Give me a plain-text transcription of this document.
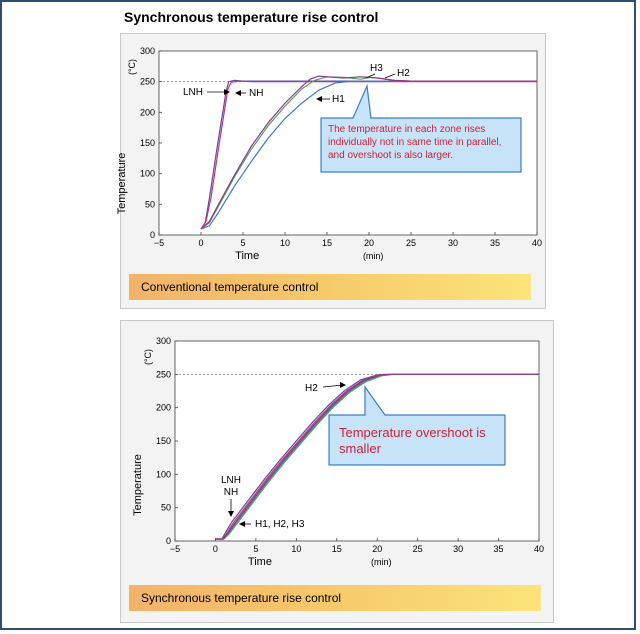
Synchronous temperature rise control
−5	0	5	10	15	20	25	30	35	40
0
50
100
150
200
250
300
Temperature
(°C)
Time	(min)
LNH	NH
H1
H3 H2
The temperature in each zone rises
individually not in same time in parallel,
and overshoot is also larger.
Conventional temperature control
−5	0	5	10	15	20	25	30	35	40
0
50
100
150
200
250
300
Temperature
(°C)
Time	(min)
H2
LNH
NH
H1, H2, H3
Temperature overshoot is
smaller
Synchronous temperature rise control
